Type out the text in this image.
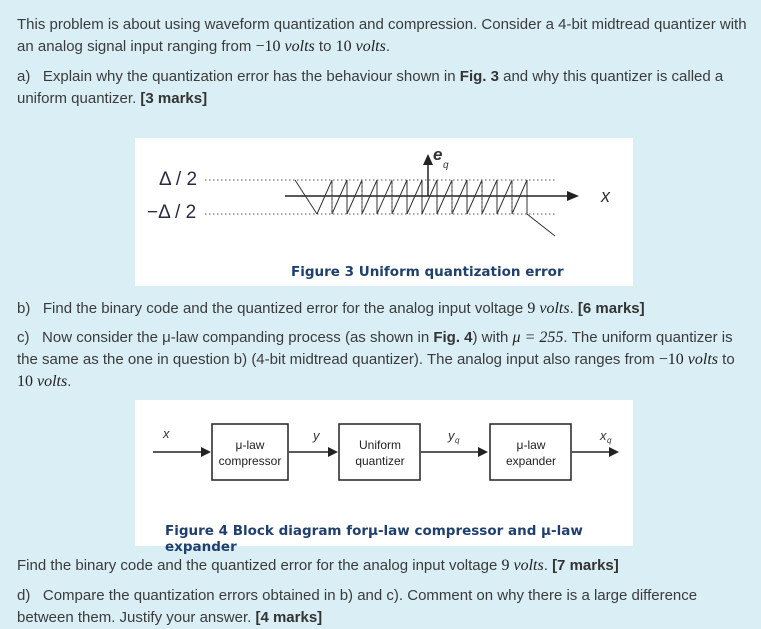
This problem is about using waveform quantization and compression. Consider a 4-bit midtread quantizer with
an analog signal input ranging from −10 volts to 10 volts.

a) Explain why the quantization error has the behaviour shown in Fig. 3 and why this quantizer is called a
uniform quantizer. [3 marks]

Δ / 2
−Δ / 2
e
q
x
Figure 3 Uniform quantization error

b) Find the binary code and the quantized error for the analog input voltage 9 volts. [6 marks]

c) Now consider the μ-law companding process (as shown in Fig. 4) with μ = 255. The uniform quantizer is
the same as the one in question b) (4-bit midtread quantizer). The analog input also ranges from −10 volts to
10 volts.

μ-law
compressor
Uniform
quantizer
μ-law
expander
x	y	y q	x q
Figure 4 Block diagram forμ-law compressor and μ-law expander

Find the binary code and the quantized error for the analog input voltage 9 volts. [7 marks]

d) Compare the quantization errors obtained in b) and c). Comment on why there is a large difference
between them. Justify your answer. [4 marks]
